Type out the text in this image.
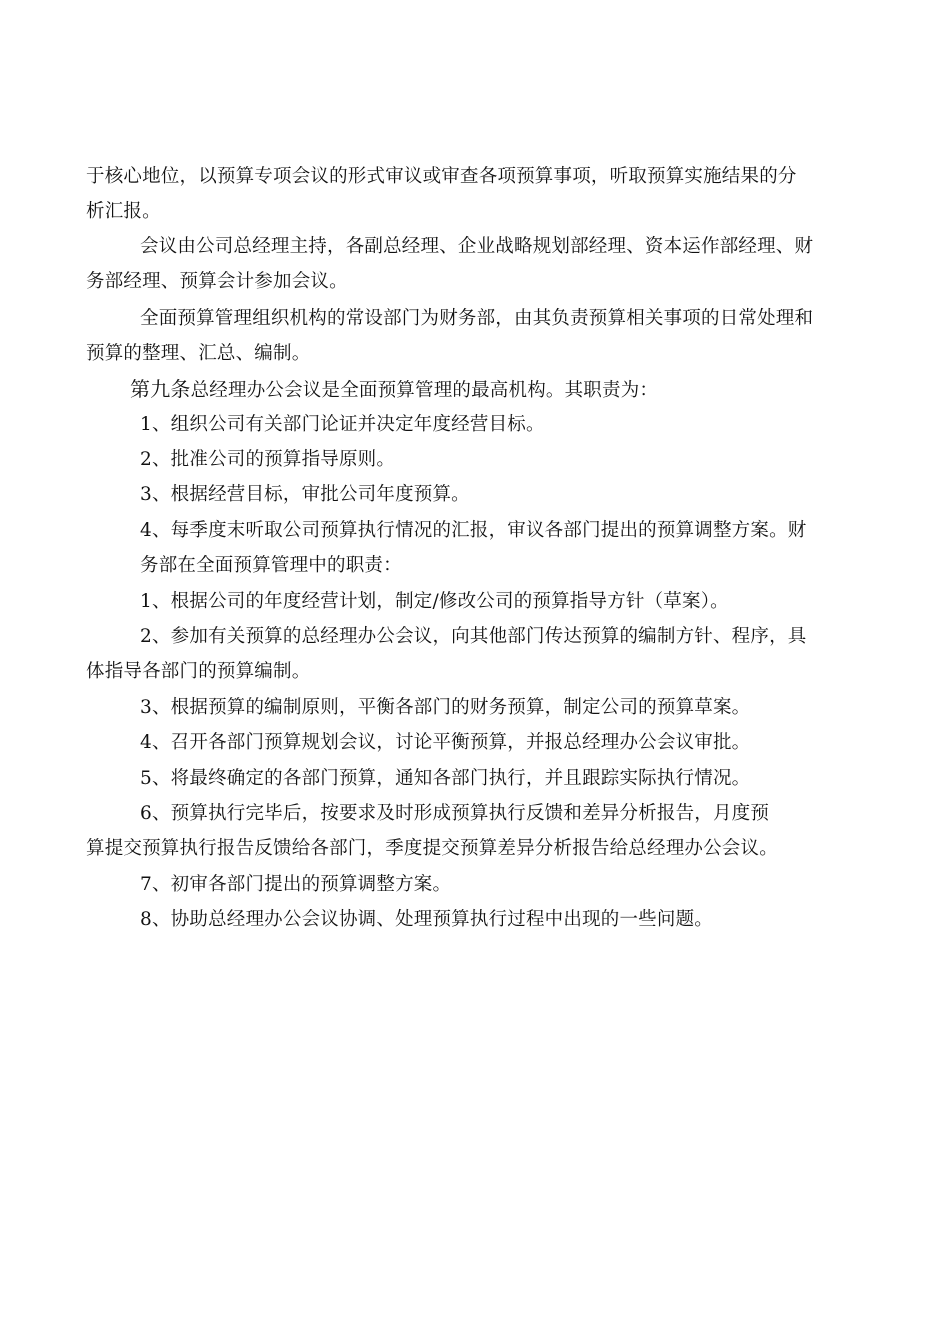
于核心地位，以预算专项会议的形式审议或审查各项预算事项，听取预算实施结果的分
析汇报。
会议由公司总经理主持，各副总经理、企业战略规划部经理、资本运作部经理、财
务部经理、预算会计参加会议。
全面预算管理组织机构的常设部门为财务部，由其负责预算相关事项的日常处理和
预算的整理、汇总、编制。
第九条总经理办公会议是全面预算管理的最高机构。其职责为：
1、组织公司有关部门论证并决定年度经营目标。
2、批准公司的预算指导原则。
3、根据经营目标，审批公司年度预算。
4、每季度末听取公司预算执行情况的汇报，审议各部门提出的预算调整方案。财
务部在全面预算管理中的职责：
1、根据公司的年度经营计划，制定/修改公司的预算指导方针（草案）。
2、参加有关预算的总经理办公会议，向其他部门传达预算的编制方针、程序，具
体指导各部门的预算编制。
3、根据预算的编制原则，平衡各部门的财务预算，制定公司的预算草案。
4、召开各部门预算规划会议，讨论平衡预算，并报总经理办公会议审批。
5、将最终确定的各部门预算，通知各部门执行，并且跟踪实际执行情况。
6、预算执行完毕后，按要求及时形成预算执行反馈和差异分析报告，月度预
算提交预算执行报告反馈给各部门，季度提交预算差异分析报告给总经理办公会议。
7、初审各部门提出的预算调整方案。
8、协助总经理办公会议协调、处理预算执行过程中出现的一些问题。
